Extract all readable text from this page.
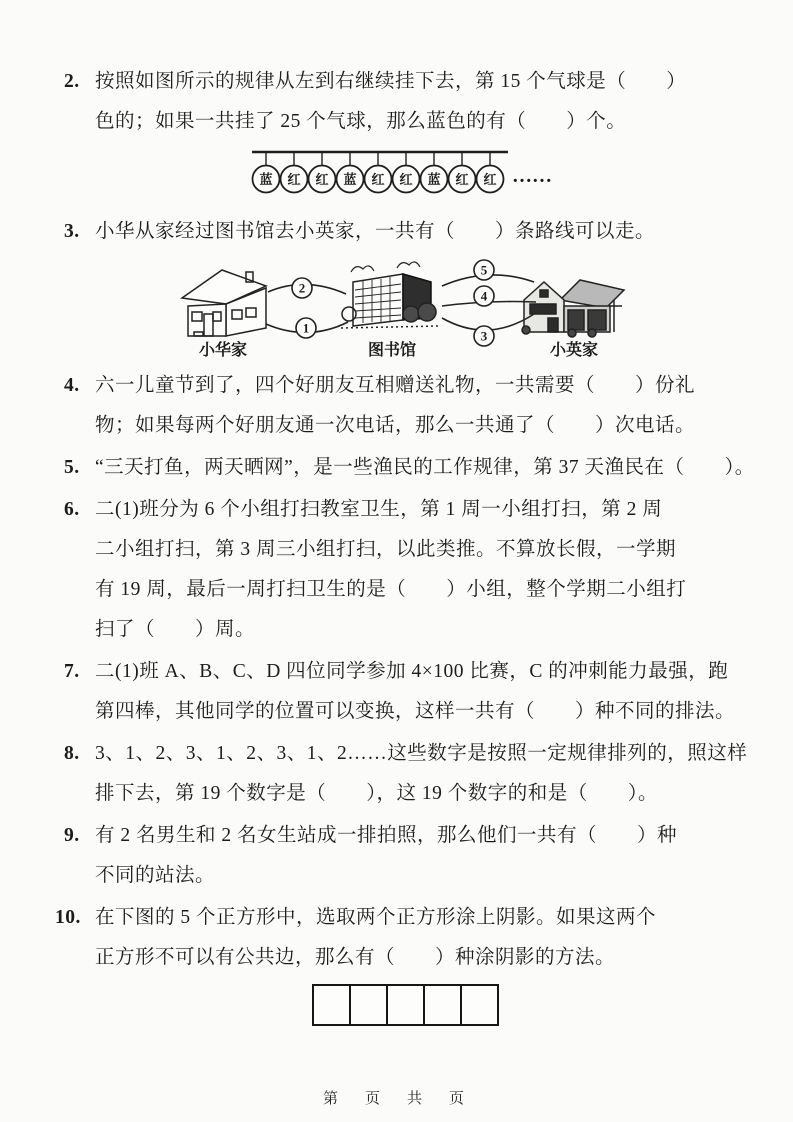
2. 按照如图所示的规律从左到右继续挂下去，第 15 个气球是（　　）
色的；如果一共挂了 25 个气球，那么蓝色的有（　　）个。
蓝 红 红 蓝 红 红 蓝 红 红 ……
3. 小华从家经过图书馆去小英家，一共有（　　）条路线可以走。
2
1
5
4
3
小华家	图书馆	小英家
4. 六一儿童节到了，四个好朋友互相赠送礼物，一共需要（　　）份礼
物；如果每两个好朋友通一次电话，那么一共通了（　　）次电话。
5. “三天打鱼，两天晒网”，是一些渔民的工作规律，第 37 天渔民在（　　）。
6. 二(1)班分为 6 个小组打扫教室卫生，第 1 周一小组打扫，第 2 周
二小组打扫，第 3 周三小组打扫，以此类推。不算放长假，一学期
有 19 周，最后一周打扫卫生的是（　　）小组，整个学期二小组打
扫了（　　）周。
7. 二(1)班 A、B、C、D 四位同学参加 4×100 比赛，C 的冲刺能力最强，跑
第四棒，其他同学的位置可以变换，这样一共有（　　）种不同的排法。
8. 3、1、2、3、1、2、3、1、2……这些数字是按照一定规律排列的，照这样
排下去，第 19 个数字是（　　），这 19 个数字的和是（　　）。
9. 有 2 名男生和 2 名女生站成一排拍照，那么他们一共有（　　）种
不同的站法。
10. 在下图的 5 个正方形中，选取两个正方形涂上阴影。如果这两个
正方形不可以有公共边，那么有（　　）种涂阴影的方法。
第　页　共　页
